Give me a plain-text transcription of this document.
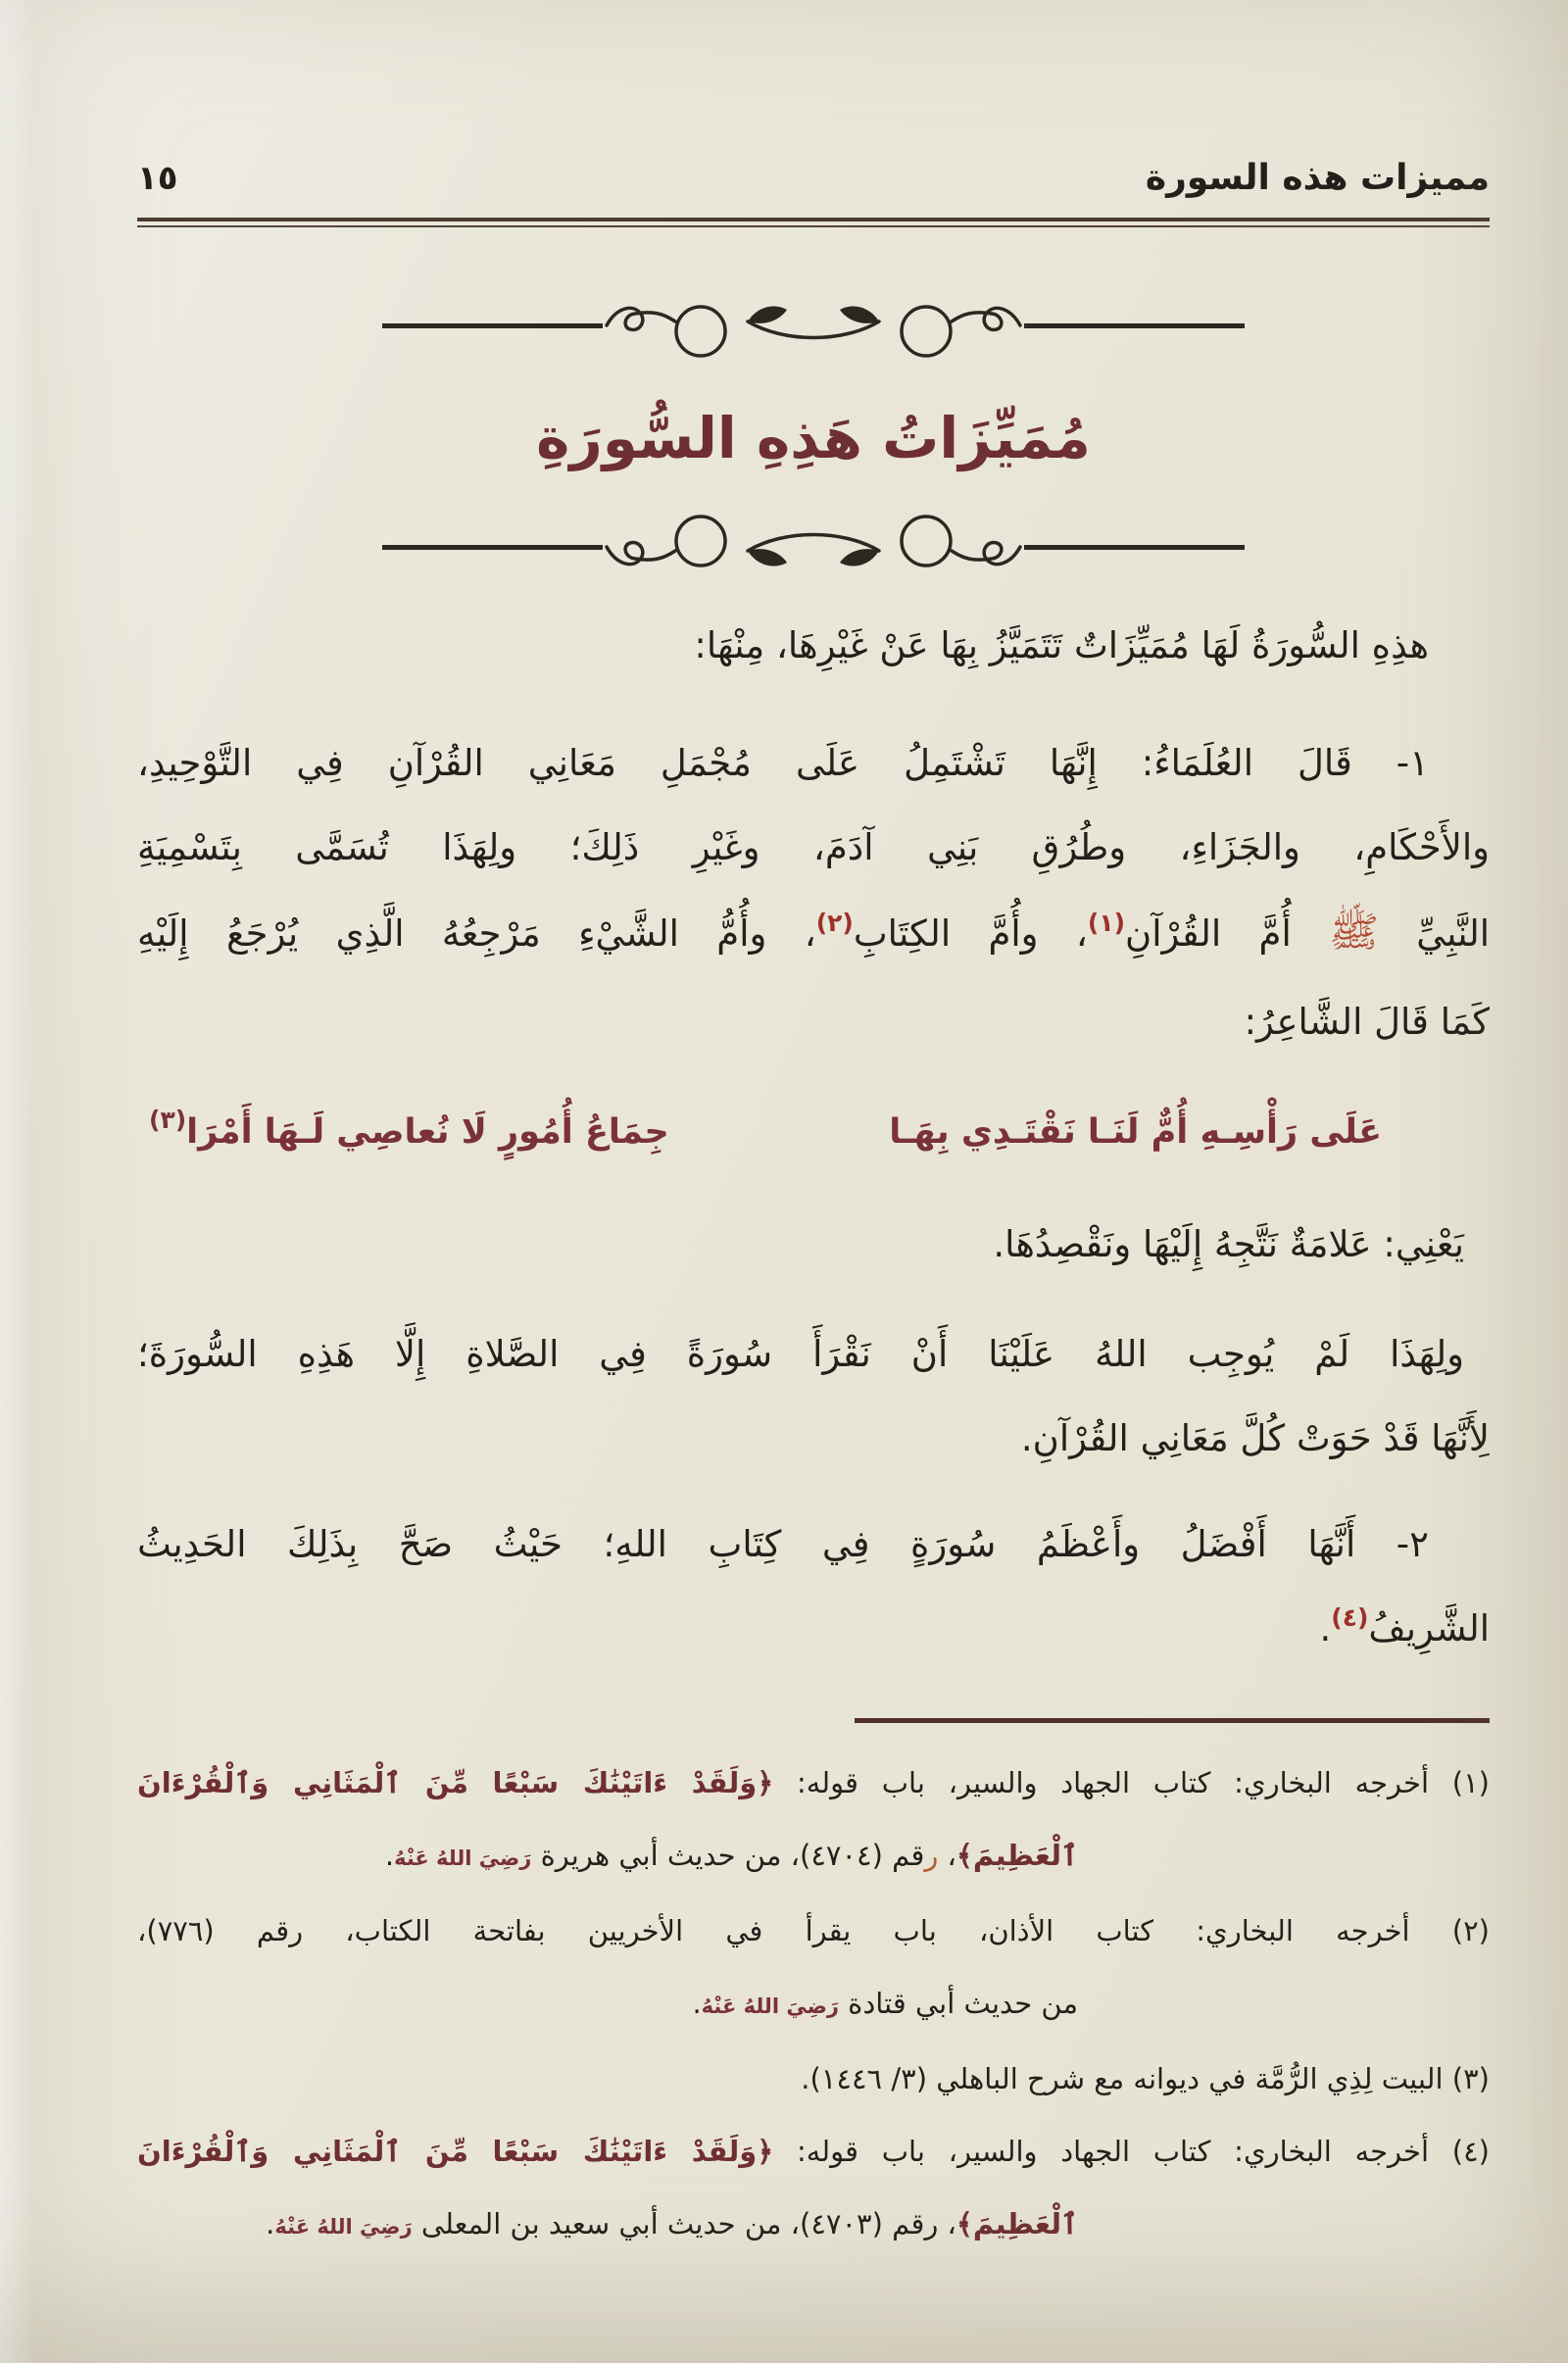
مميزات هذه السورة
١٥
مُمَيِّزَاتُ هَذِهِ السُّورَةِ
هذِهِ السُّورَةُ لَهَا مُمَيِّزَاتٌ تَتَمَيَّزُ بِهَا عَنْ غَيْرِهَا، مِنْهَا:
١- قَالَ العُلَمَاءُ: إِنَّهَا تَشْتَمِلُ عَلَى مُجْمَلِ مَعَانِي القُرْآنِ فِي التَّوْحِيدِ،
والأَحْكَامِ، والجَزَاءِ، وطُرُقِ بَنِي آدَمَ، وغَيْرِ ذَلِكَ؛ ولِهَذَا تُسَمَّى بِتَسْمِيَةِ
النَّبِيِّ ﷺ أُمَّ القُرْآنِ$^{(١)}$، وأُمَّ الكِتَابِ$^{(٢)}$، وأُمُّ الشَّيْءِ مَرْجِعُهُ الَّذِي يُرْجَعُ إِلَيْهِ
كَمَا قَالَ الشَّاعِرُ:
عَلَى رَأْسِـهِ أُمٌّ لَنَـا نَقْتَـدِي بِهَـا
جِمَاعُ أُمُورٍ لَا نُعاصِي لَـهَا أَمْرَا$^{(٣)}$
يَعْنِي: عَلامَةٌ نَتَّجِهُ إِلَيْهَا ونَقْصِدُهَا.
ولِهَذَا لَمْ يُوجِب اللهُ عَلَيْنَا أَنْ نَقْرَأَ سُورَةً فِي الصَّلاةِ إِلَّا هَذِهِ السُّورَةَ؛
لِأَنَّهَا قَدْ حَوَتْ كُلَّ مَعَانِي القُرْآنِ.
٢- أَنَّهَا أَفْضَلُ وأَعْظَمُ سُورَةٍ فِي كِتَابِ اللهِ؛ حَيْثُ صَحَّ بِذَلِكَ الحَدِيثُ
الشَّرِيفُ$^{(٤)}$.
(١) أخرجه البخاري: كتاب الجهاد والسير، باب قوله: ﴿وَلَقَدْ ءَاتَيْنَٰكَ سَبْعًا مِّنَ ٱلْمَثَانِي وَٱلْقُرْءَانَ
ٱلْعَظِيمَ﴾، رقم (٤٧٠٤)، من حديث أبي هريرة رَضِيَ اللهُ عَنْهُ.
(٢) أخرجه البخاري: كتاب الأذان، باب يقرأ في الأخريين بفاتحة الكتاب، رقم (٧٧٦)،
من حديث أبي قتادة رَضِيَ اللهُ عَنْهُ.
(٣) البيت لِذِي الرُّمَّة في ديوانه مع شرح الباهلي (٣/ ١٤٤٦).
(٤) أخرجه البخاري: كتاب الجهاد والسير، باب قوله: ﴿وَلَقَدْ ءَاتَيْنَٰكَ سَبْعًا مِّنَ ٱلْمَثَانِي وَٱلْقُرْءَانَ
ٱلْعَظِيمَ﴾، رقم (٤٧٠٣)، من حديث أبي سعيد بن المعلى رَضِيَ اللهُ عَنْهُ.
